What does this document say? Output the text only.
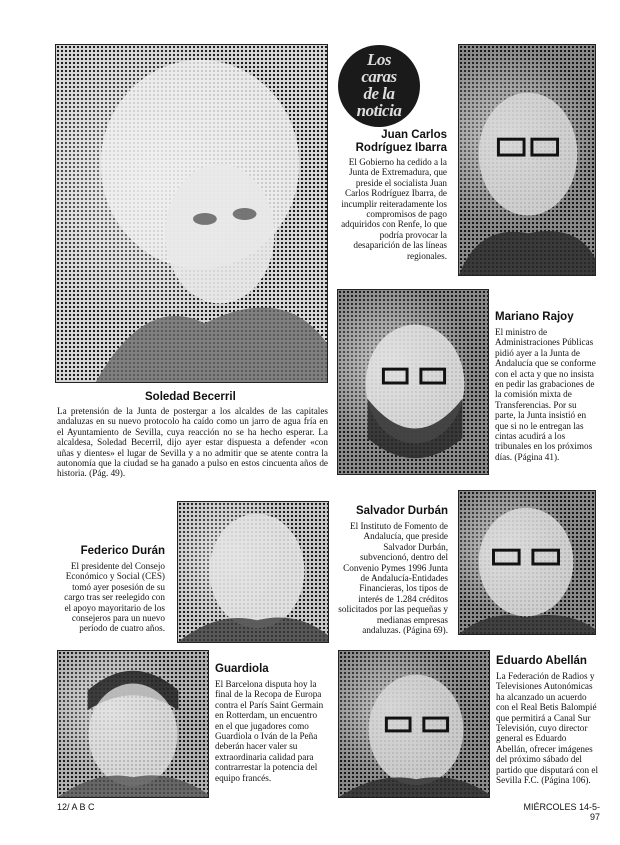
Los
caras
de la
noticia
Juan Carlos
Rodríguez Ibarra
El Gobierno ha cedido a la Junta de Extremadura, que preside el socialista Juan Carlos Rodríguez Ibarra, de incumplir reiteradamente los compromisos de pago adquiridos con Renfe, lo que podría provocar la desaparición de las líneas regionales.
Soledad Becerril
La pretensión de la Junta de postergar a los alcaldes de las capitales andaluzas en su nuevo protocolo ha caído como un jarro de agua fría en el Ayuntamiento de Sevilla, cuya reacción no se ha hecho esperar. La alcaldesa, Soledad Becerril, dijo ayer estar dispuesta a defender «con uñas y dientes» el lugar de Sevilla y a no admitir que se atente contra la autonomía que la ciudad se ha ganado a pulso en estos cincuenta años de historia. (Pág. 49).
Mariano Rajoy
El ministro de Administraciones Públicas pidió ayer a la Junta de Andalucía que se conforme con el acta y que no insista en pedir las grabaciones de la comisión mixta de Transferencias. Por su parte, la Junta insistió en que si no le entregan las cintas acudirá a los tribunales en los próximos días. (Página 41).
Federico Durán
El presidente del Consejo Económico y Social (CES) tomó ayer posesión de su cargo tras ser reelegido con el apoyo mayoritario de los consejeros para un nuevo período de cuatro años.
Salvador Durbán
El Instituto de Fomento de Andalucía, que preside Salvador Durbán, subvencionó, dentro del Convenio Pymes 1996 Junta de Andalucía-Entidades Financieras, los tipos de interés de 1.284 créditos solicitados por las pequeñas y medianas empresas andaluzas. (Página 69).
Guardiola
El Barcelona disputa hoy la final de la Recopa de Europa contra el París Saint Germain en Rotterdam, un encuentro en el que jugadores como Guardiola o Iván de la Peña deberán hacer valer su extraordinaria calidad para contrarrestar la potencia del equipo francés.
Eduardo Abellán
La Federación de Radios y Televisiones Autonómicas ha alcanzado un acuerdo con el Real Betis Balompié que permitirá a Canal Sur Televisión, cuyo director general es Eduardo Abellán, ofrecer imágenes del próximo sábado del partido que disputará con el Sevilla F.C. (Página 106).
12/ A B C	MIÉRCOLES 14-5-97
